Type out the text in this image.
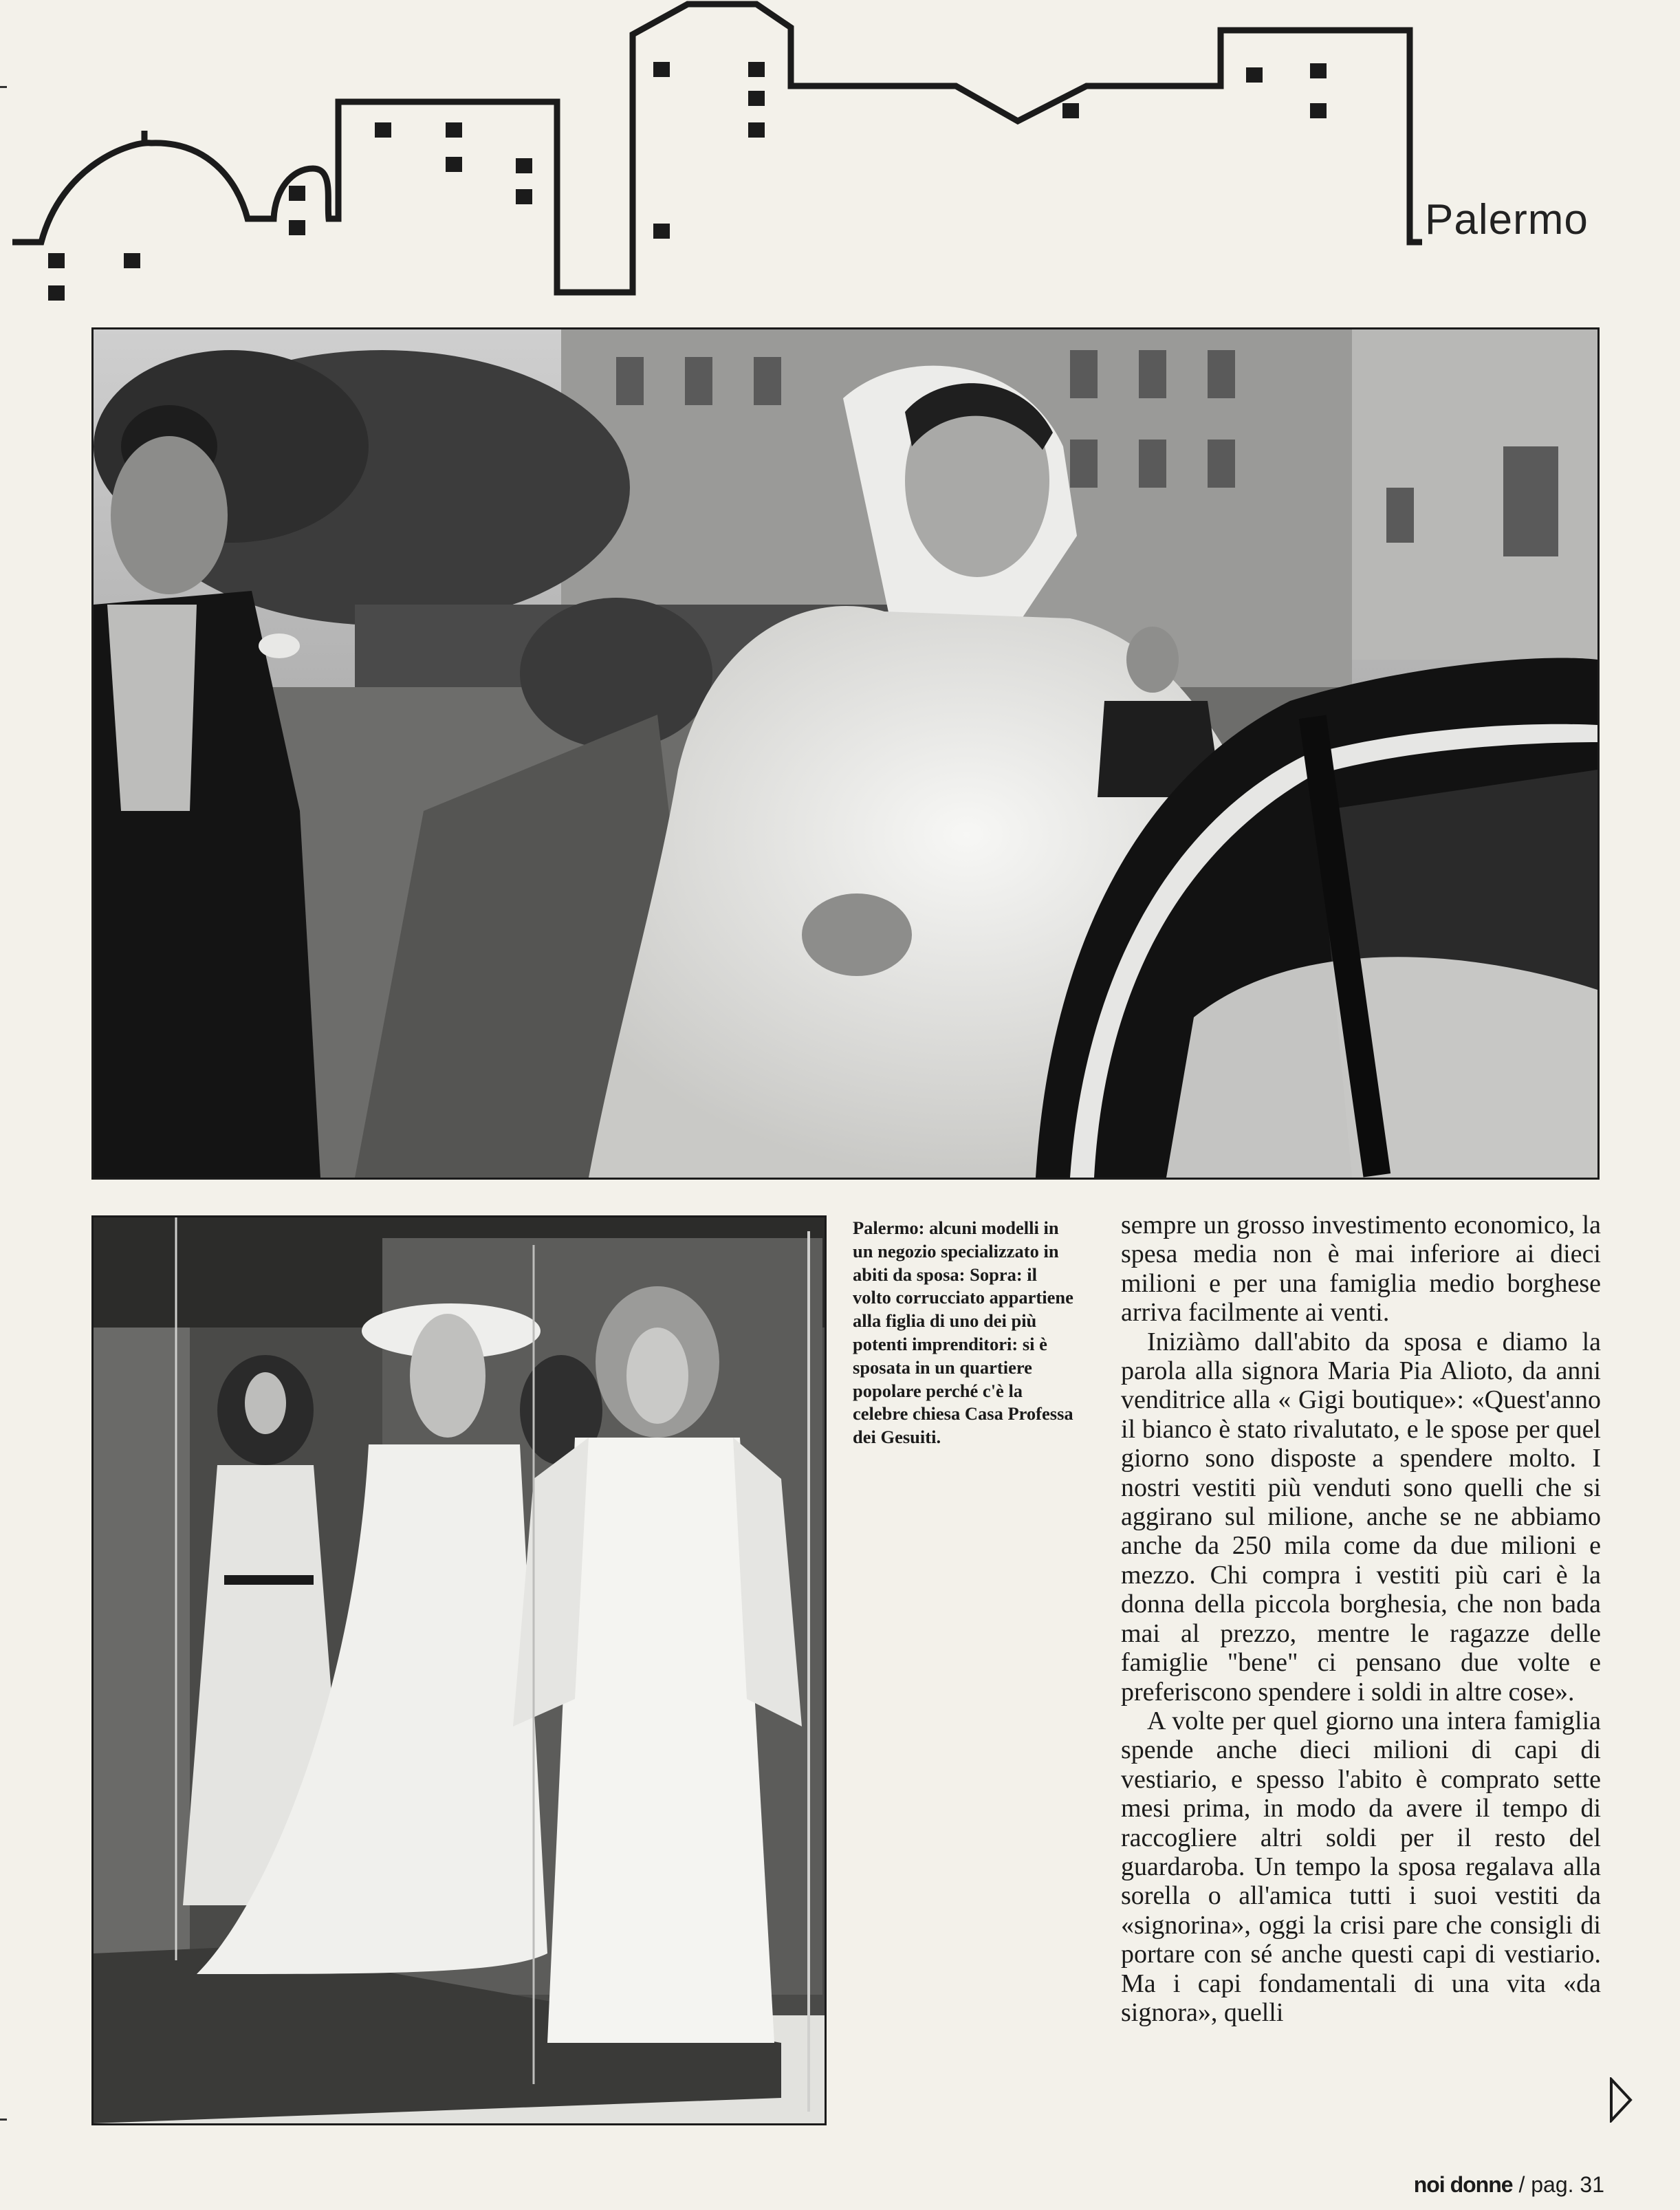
Palermo
Palermo: alcuni modelli in un negozio specializzato in abiti da sposa: Sopra: il volto corrucciato appartiene alla figlia di uno dei più potenti imprenditori: si è sposata in un quartiere popolare perché c'è la celebre chiesa Casa Professa dei Gesuiti.

sempre un grosso investimento economico, la spesa media non è mai inferiore ai dieci milioni e per una famiglia medio borghese arriva facilmente ai venti.

Iniziàmo dall'abito da sposa e diamo la parola alla signora Maria Pia Alioto, da anni venditrice alla « Gigi boutique»: «Quest'anno il bianco è stato rivalutato, e le spose per quel giorno sono disposte a spendere molto. I nostri vestiti più venduti sono quelli che si aggirano sul milione, anche se ne abbiamo anche da 250 mila come da due milioni e mezzo. Chi compra i vestiti più cari è la donna della piccola borghesia, che non bada mai al prezzo, mentre le ragazze delle famiglie "bene" ci pensano due volte e preferiscono spendere i soldi in altre cose».

A volte per quel giorno una intera famiglia spende anche dieci milioni di capi di vestiario, e spesso l'abito è comprato sette mesi prima, in modo da avere il tempo di raccogliere altri soldi per il resto del guardaroba. Un tempo la sposa regalava alla sorella o all'amica tutti i suoi vestiti da «signorina», oggi la crisi pare che consigli di portare con sé anche questi capi di vestiario. Ma i capi fondamentali di una vita «da signora», quelli

noi donne / pag. 31
